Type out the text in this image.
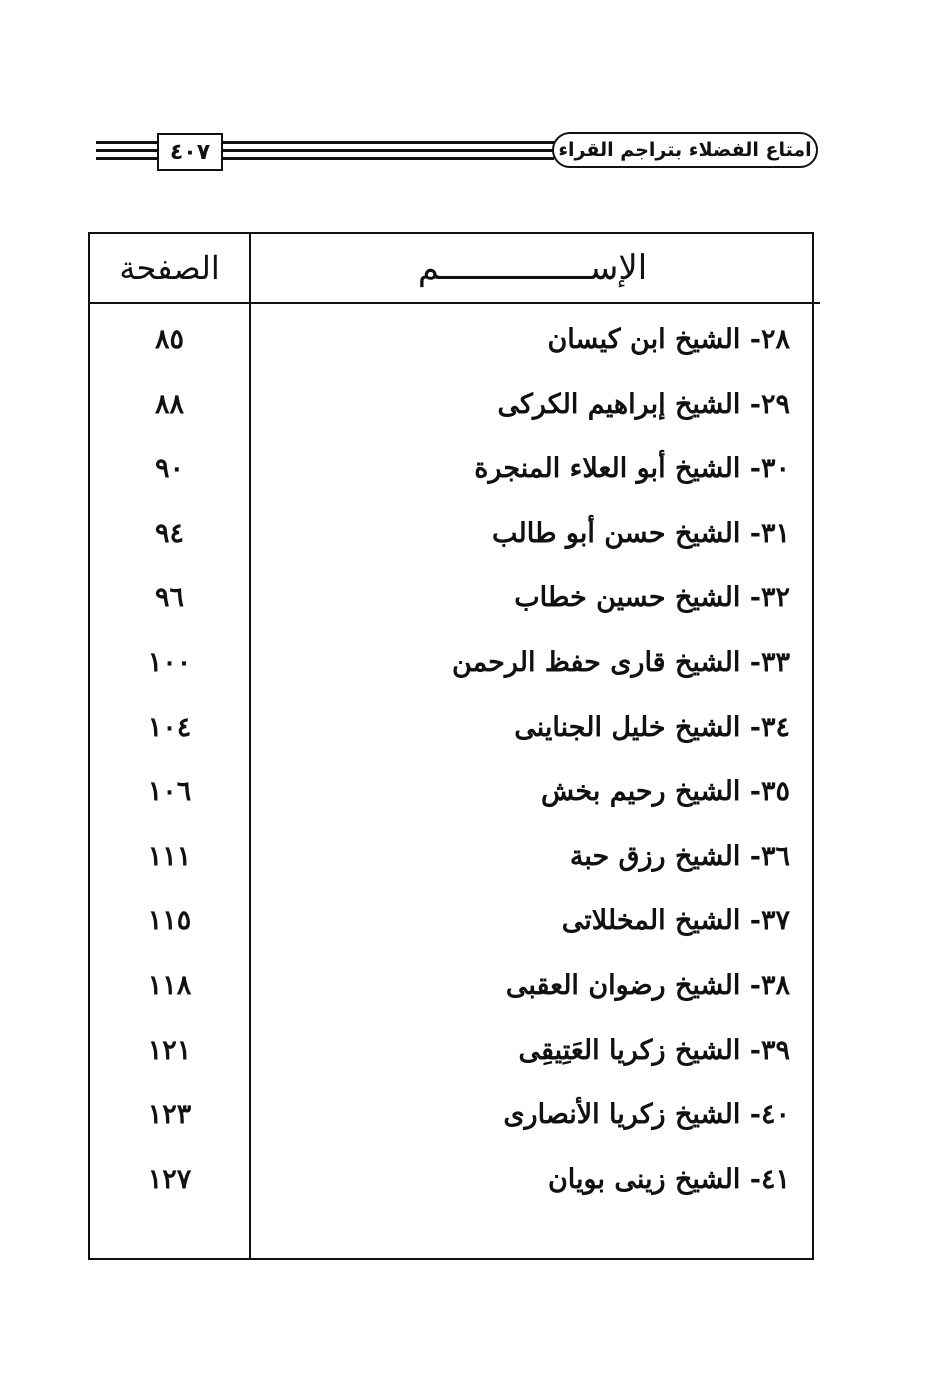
٤٠٧	امتاع الفضلاء بتراجم القراء
الإســـــــــــــــم
الصفحة
٢٨- الشيخ ابن كيسان
٨٥
٢٩- الشيخ إبراهيم الكركى
٨٨
٣٠- الشيخ أبو العلاء المنجرة
٩٠
٣١- الشيخ حسن أبو طالب
٩٤
٣٢- الشيخ حسين خطاب
٩٦
٣٣- الشيخ قارى حفظ الرحمن
١٠٠
٣٤- الشيخ خليل الجناينى
١٠٤
٣٥- الشيخ رحيم بخش
١٠٦
٣٦- الشيخ رزق حبة
١١١
٣٧- الشيخ المخللاتى
١١٥
٣٨- الشيخ رضوان العقبى
١١٨
٣٩- الشيخ زكريا العَتِيقِى
١٢١
٤٠- الشيخ زكريا الأنصارى
١٢٣
٤١- الشيخ زينى بويان
١٢٧
